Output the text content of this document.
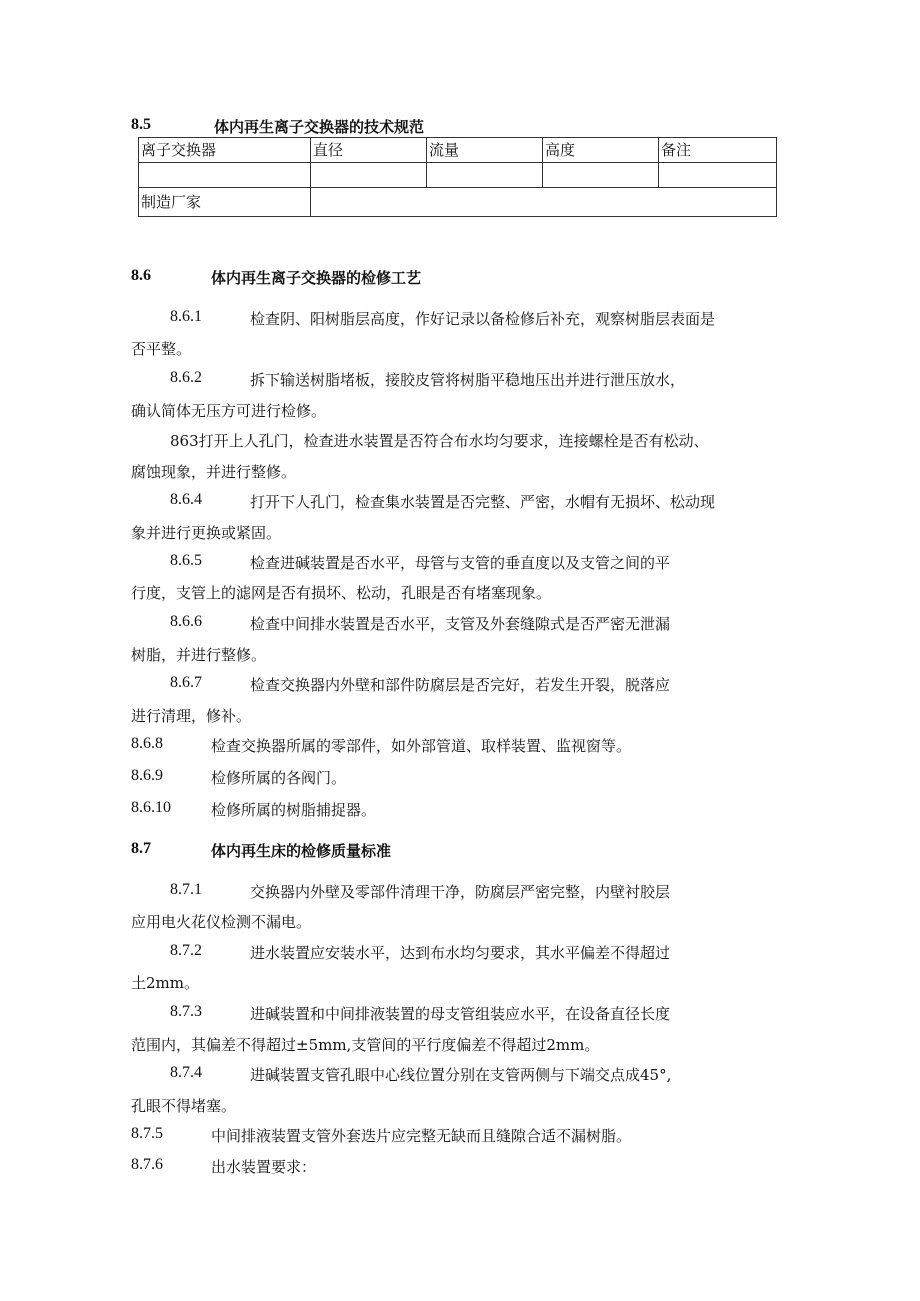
8.5	体内再生离子交换器的技术规范
离子交换器	直径	流量	高度	备注

制造厂家				
8.6	体内再生离子交换器的检修工艺
8.6.1	检查阴、阳树脂层高度，作好记录以备检修后补充，观察树脂层表面是
否平整。
8.6.2	拆下输送树脂堵板，接胶皮管将树脂平稳地压出并进行泄压放水，
确认简体无压方可进行检修。
863打开上人孔门，检查进水装置是否符合布水均匀要求，连接螺栓是否有松动、
腐蚀现象，并进行整修。
8.6.4	打开下人孔门，检查集水装置是否完整、严密，水帽有无损坏、松动现
象并进行更换或紧固。
8.6.5	检查进碱装置是否水平，母管与支管的垂直度以及支管之间的平
行度，支管上的滤网是否有损坏、松动，孔眼是否有堵塞现象。
8.6.6	检查中间排水装置是否水平，支管及外套缝隙式是否严密无泄漏
树脂，并进行整修。
8.6.7	检查交换器内外壁和部件防腐层是否完好，若发生开裂，脱落应
进行清理，修补。
8.6.8	检查交换器所属的零部件，如外部管道、取样装置、监视窗等。
8.6.9	检修所属的各阀门。
8.6.10	检修所属的树脂捕捉器。
8.7	体内再生床的检修质量标准
8.7.1	交换器内外壁及零部件清理干净，防腐层严密完整，内壁衬胶层
应用电火花仪检测不漏电。
8.7.2	进水装置应安装水平，达到布水均匀要求，其水平偏差不得超过
土2mm。
8.7.3	进碱装置和中间排液装置的母支管组装应水平，在设备直径长度
范围内，其偏差不得超过±5mm,支管间的平行度偏差不得超过2mm。
8.7.4	进碱装置支管孔眼中心线位置分别在支管两侧与下端交点成45°,
孔眼不得堵塞。
8.7.5	中间排液装置支管外套迭片应完整无缺而且缝隙合适不漏树脂。
8.7.6	出水装置要求：
